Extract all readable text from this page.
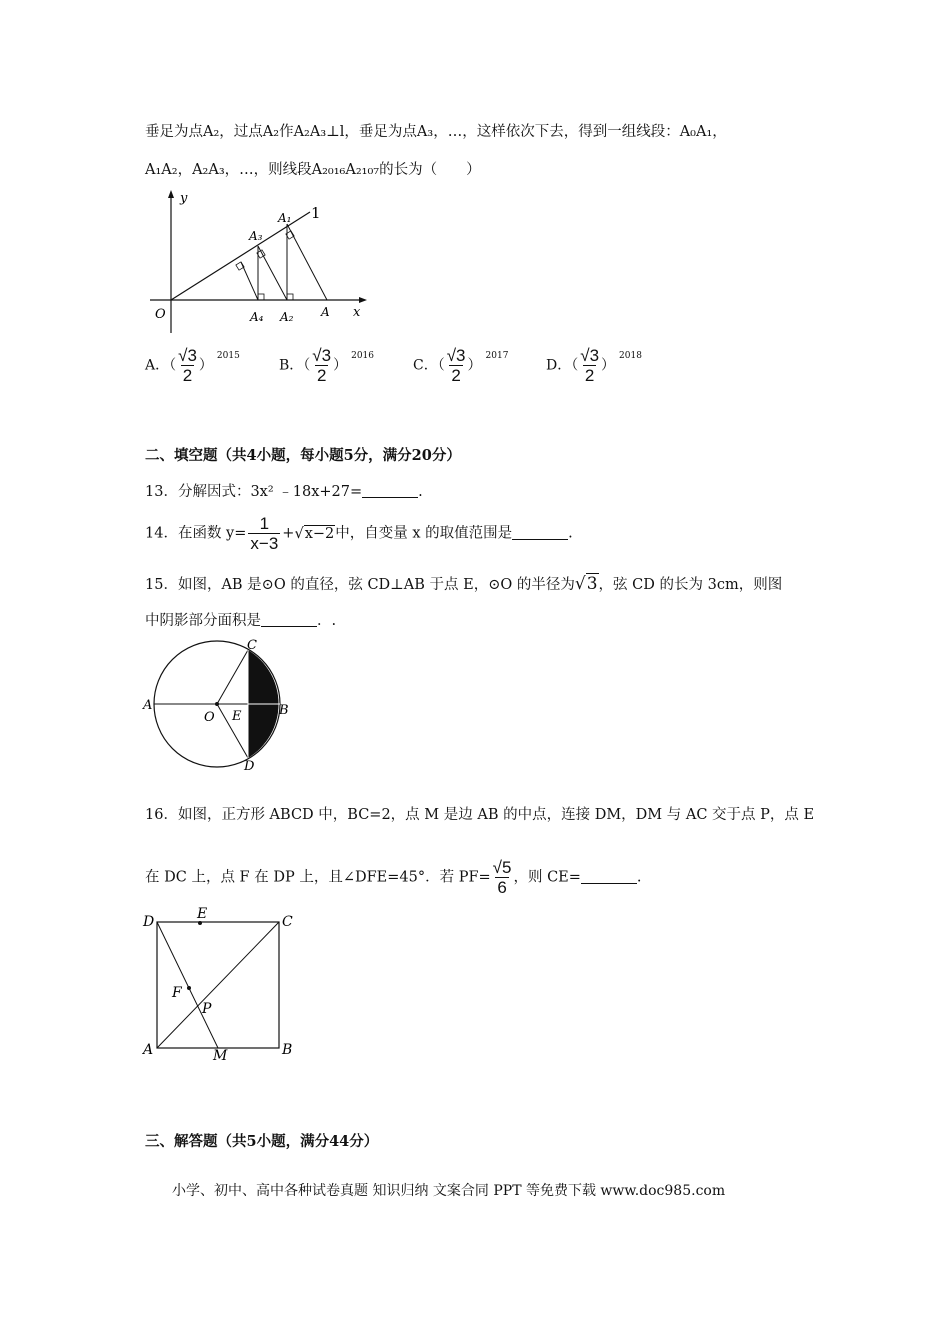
垂足为点A₂，过点A₂作A₂A₃⊥l，垂足为点A₃，…，这样依次下去，得到一组线段：A₀A₁，
A₁A₂，A₂A₃，…，则线段A₂₀₁₆A₂₁₀₇的长为（　　）
y
x
O
1
A₁
A₃
A₄ A₂ A
A．（ $\frac{√3}{2} )^{2015}$
B．（ $\frac{√3}{2} )^{2016}$
C．（ $\frac{√3}{2} )^{2017}$
D．（ $\frac{√3}{2} )^{2018}$
二、填空题（共4小题，每小题5分，满分20分）
13．分解因式：3x² ﹣18x+27=	.
14．在函数 $y= \frac{1}{x-3} +√x-2$中，自变量 x 的取值范围是	.
15．如图，AB 是⊙O 的直径，弦 CD⊥AB 于点 E，⊙O 的半径为√3，弦 CD 的长为 3cm，则图
中阴影部分面积是	．.
A
O E	B
C
D
16．如图，正方形 ABCD 中，BC=2，点 M 是边 AB 的中点，连接 DM，DM 与 AC 交于点 P，点 E
在 DC 上，点 F 在 DP 上，且∠DFE=45°．若 $PF= \frac{√5}{6}$ ，则 CE=	.
D	E	C
F
P
A	M	B
三、解答题（共5小题，满分44分）
小学、初中、高中各种试卷真题 知识归纳 文案合同 PPT 等免费下载 www.doc985.com
